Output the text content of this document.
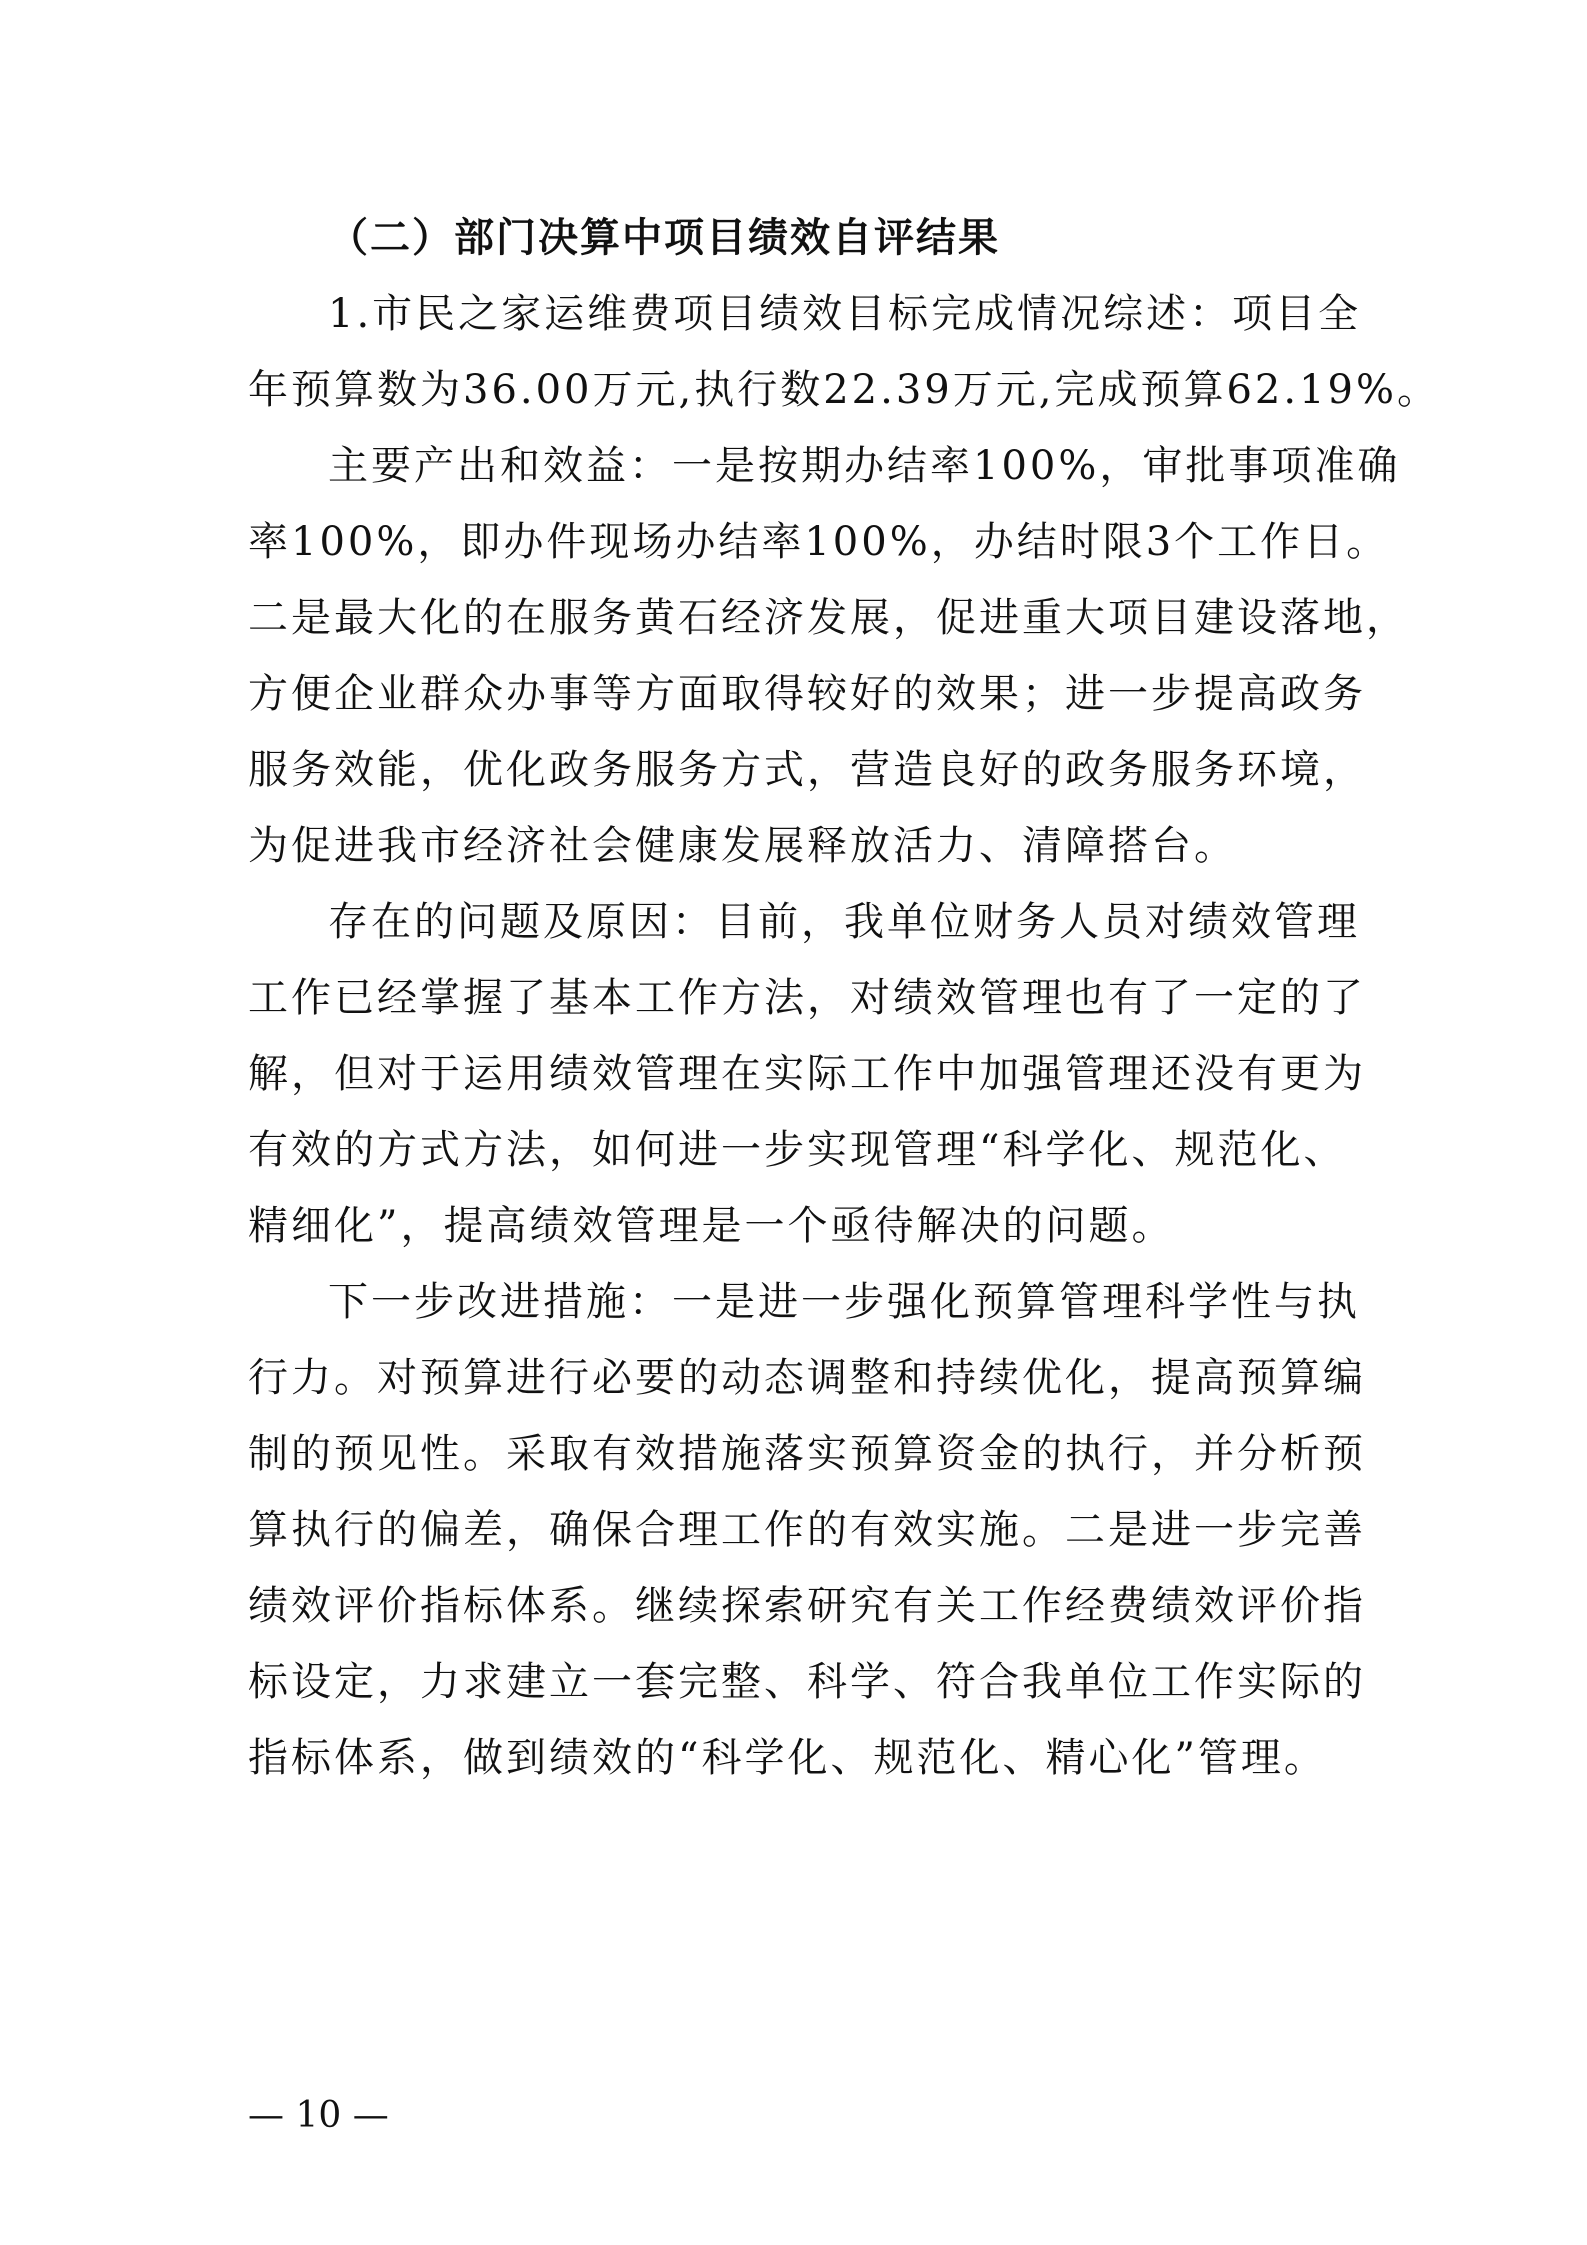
（二）部门决算中项目绩效自评结果
1.市民之家运维费项目绩效目标完成情况综述：项目全
年预算数为36.00万元,执行数22.39万元,完成预算62.19%。
主要产出和效益：一是按期办结率100%，审批事项准确
率100%，即办件现场办结率100%，办结时限3个工作日。
二是最大化的在服务黄石经济发展，促进重大项目建设落地，
方便企业群众办事等方面取得较好的效果；进一步提高政务
服务效能，优化政务服务方式，营造良好的政务服务环境，
为促进我市经济社会健康发展释放活力、清障搭台。
存在的问题及原因：目前，我单位财务人员对绩效管理
工作已经掌握了基本工作方法，对绩效管理也有了一定的了
解，但对于运用绩效管理在实际工作中加强管理还没有更为
有效的方式方法，如何进一步实现管理“科学化、规范化、
精细化”，提高绩效管理是一个亟待解决的问题。
下一步改进措施：一是进一步强化预算管理科学性与执
行力。对预算进行必要的动态调整和持续优化，提高预算编
制的预见性。采取有效措施落实预算资金的执行，并分析预
算执行的偏差，确保合理工作的有效实施。二是进一步完善
绩效评价指标体系。继续探索研究有关工作经费绩效评价指
标设定，力求建立一套完整、科学、符合我单位工作实际的
指标体系，做到绩效的“科学化、规范化、精心化”管理。
— 10 —
